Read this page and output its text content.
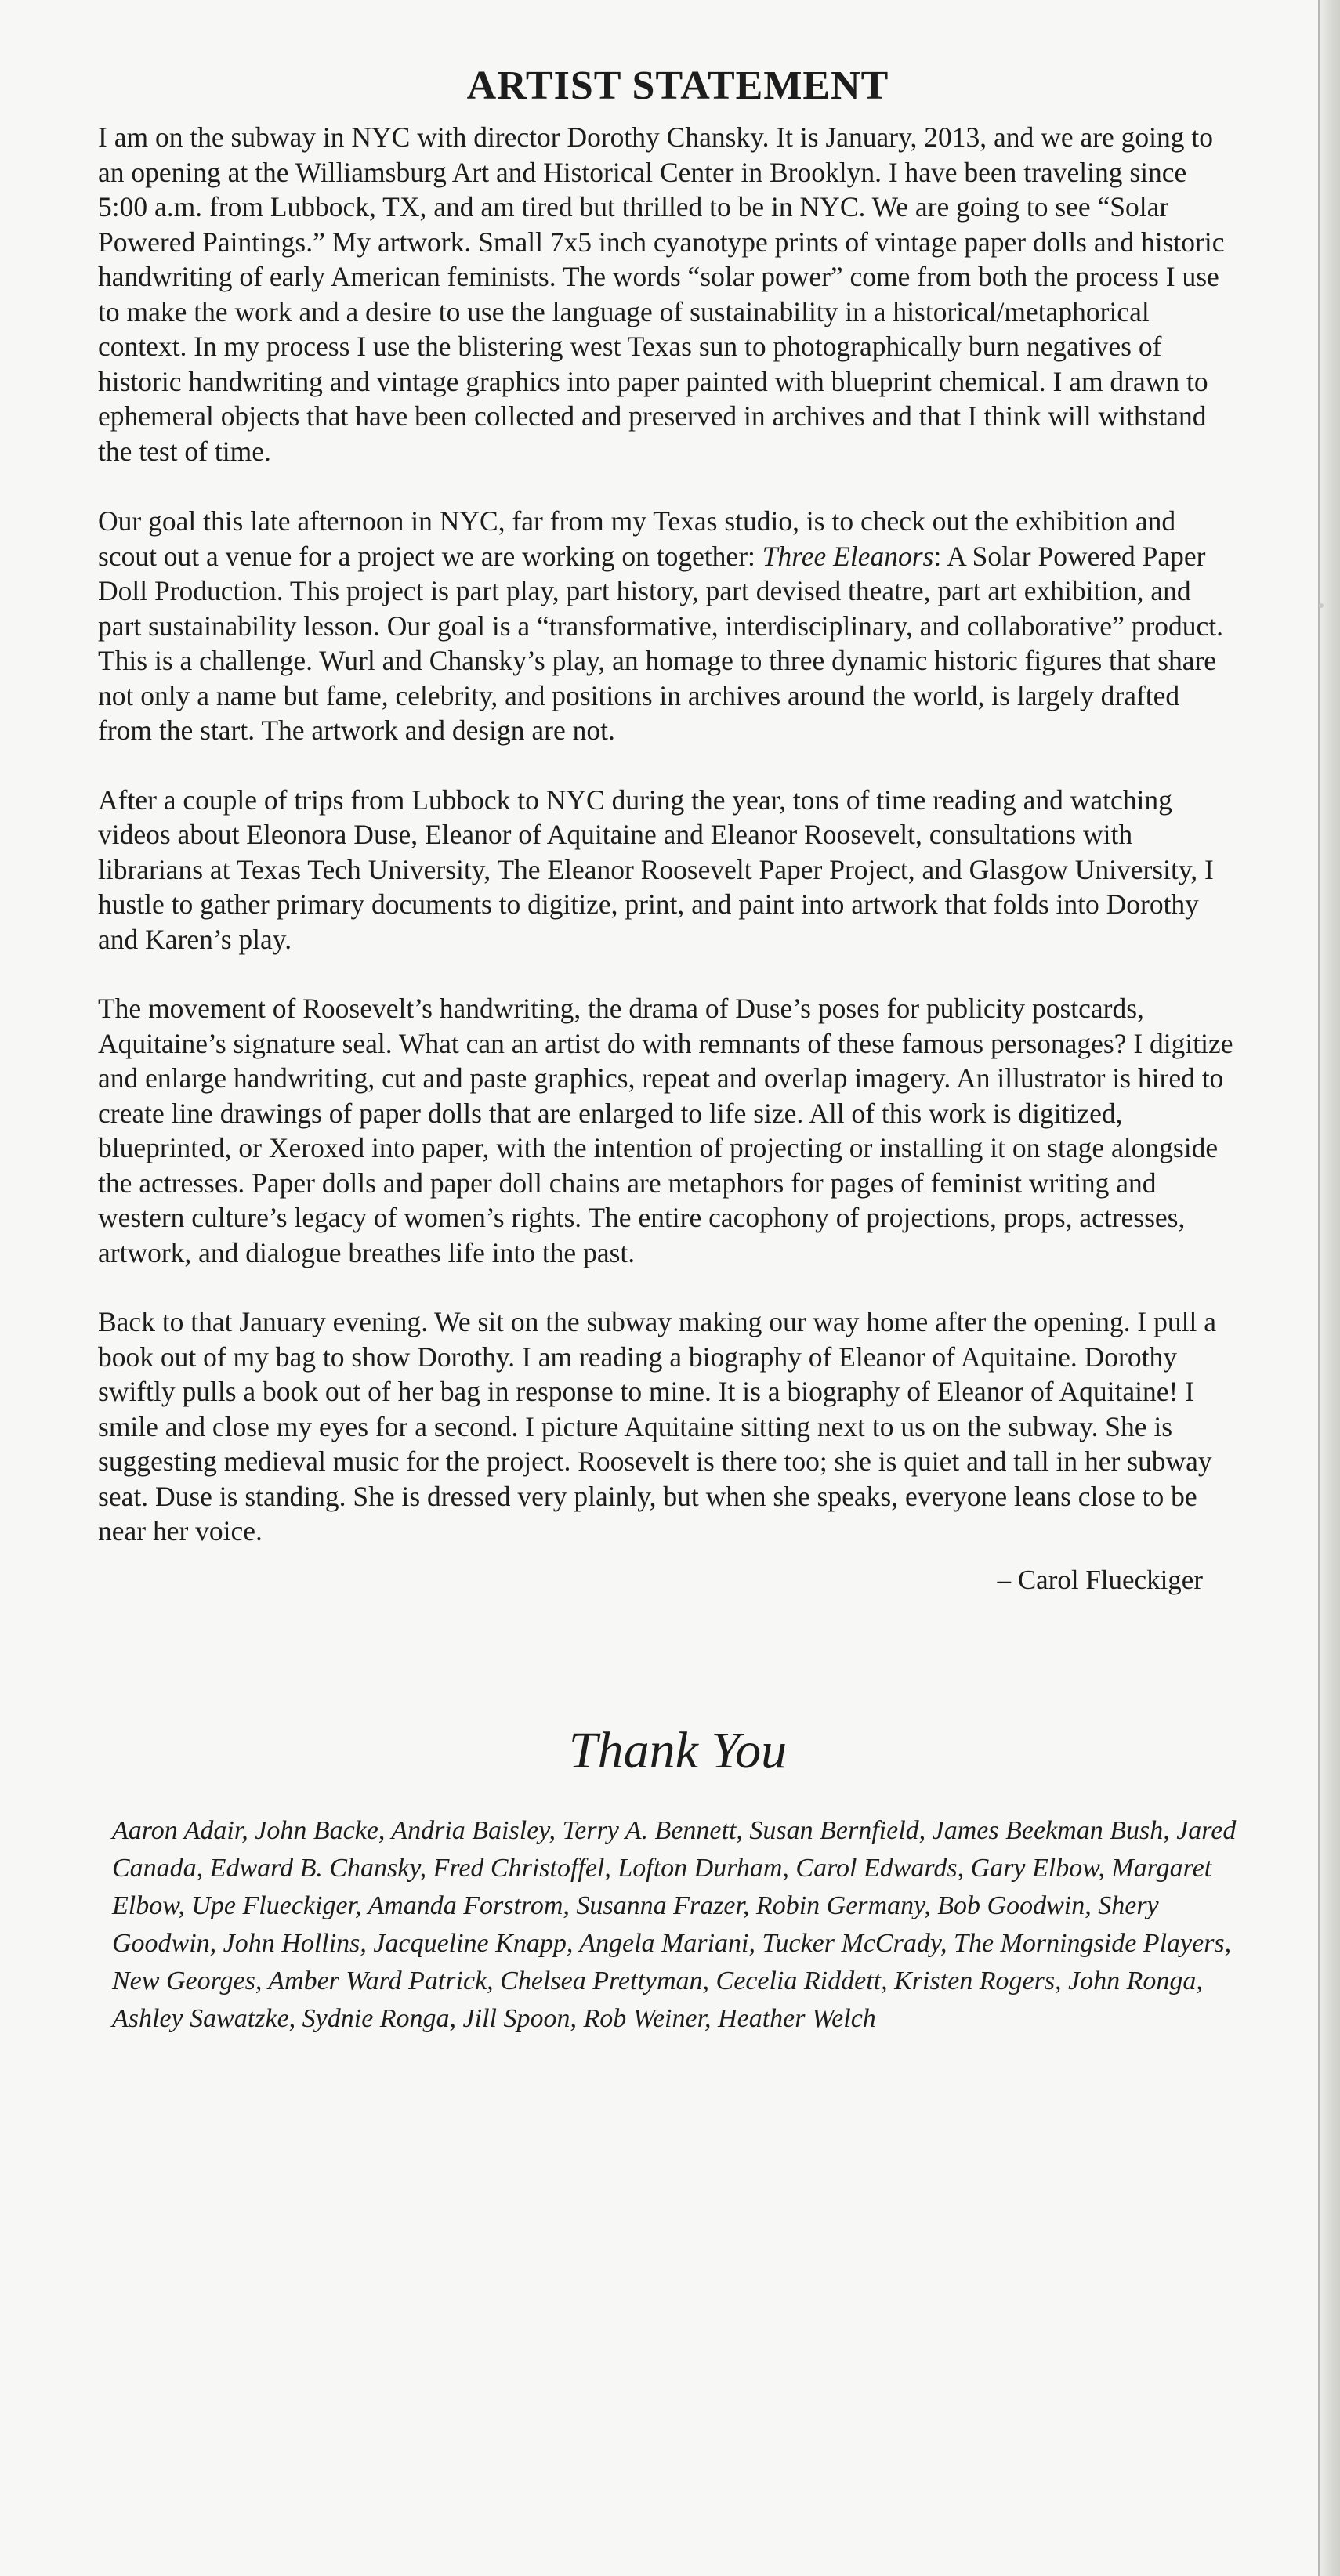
ARTIST STATEMENT

I am on the subway in NYC with director Dorothy Chansky. It is January, 2013, and we are going to an opening at the Williamsburg Art and Historical Center in Brooklyn. I have been traveling since 5:00 a.m. from Lubbock, TX, and am tired but thrilled to be in NYC. We are going to see “Solar Powered Paintings.” My artwork. Small 7x5 inch cyanotype prints of vintage paper dolls and historic handwriting of early American feminists. The words “solar power” come from both the process I use to make the work and a desire to use the language of sustainability in a historical/metaphorical context. In my process I use the blistering west Texas sun to photographically burn negatives of historic handwriting and vintage graphics into paper painted with blueprint chemical. I am drawn to ephemeral objects that have been collected and preserved in archives and that I think will withstand the test of time.

Our goal this late afternoon in NYC, far from my Texas studio, is to check out the exhibition and scout out a venue for a project we are working on together: Three Eleanors: A Solar Powered Paper Doll Production. This project is part play, part history, part devised theatre, part art exhibition, and part sustainability lesson. Our goal is a “transformative, interdisciplinary, and collaborative” product. This is a challenge. Wurl and Chansky’s play, an homage to three dynamic historic figures that share not only a name but fame, celebrity, and positions in archives around the world, is largely drafted from the start. The artwork and design are not.

After a couple of trips from Lubbock to NYC during the year, tons of time reading and watching videos about Eleonora Duse, Eleanor of Aquitaine and Eleanor Roosevelt, consultations with librarians at Texas Tech University, The Eleanor Roosevelt Paper Project, and Glasgow University, I hustle to gather primary documents to digitize, print, and paint into artwork that folds into Dorothy and Karen’s play.

The movement of Roosevelt’s handwriting, the drama of Duse’s poses for publicity postcards, Aquitaine’s signature seal. What can an artist do with remnants of these famous personages? I digitize and enlarge handwriting, cut and paste graphics, repeat and overlap imagery. An illustrator is hired to create line drawings of paper dolls that are enlarged to life size. All of this work is digitized, blueprinted, or Xeroxed into paper, with the intention of projecting or installing it on stage alongside the actresses. Paper dolls and paper doll chains are metaphors for pages of feminist writing and western culture’s legacy of women’s rights. The entire cacophony of projections, props, actresses, artwork, and dialogue breathes life into the past.

Back to that January evening. We sit on the subway making our way home after the opening. I pull a book out of my bag to show Dorothy. I am reading a biography of Eleanor of Aquitaine. Dorothy swiftly pulls a book out of her bag in response to mine. It is a biography of Eleanor of Aquitaine! I smile and close my eyes for a second. I picture Aquitaine sitting next to us on the subway. She is suggesting medieval music for the project. Roosevelt is there too; she is quiet and tall in her subway seat. Duse is standing. She is dressed very plainly, but when she speaks, everyone leans close to be near her voice.

– Carol Flueckiger
Thank You
Aaron Adair, John Backe, Andria Baisley, Terry A. Bennett, Susan Bernfield, James Beekman Bush, Jared Canada, Edward B. Chansky, Fred Christoffel, Lofton Durham, Carol Edwards, Gary Elbow, Margaret Elbow, Upe Flueckiger, Amanda Forstrom, Susanna Frazer, Robin Germany, Bob Goodwin, Shery Goodwin, John Hollins, Jacqueline Knapp, Angela Mariani, Tucker McCrady, The Morningside Players, New Georges, Amber Ward Patrick, Chelsea Prettyman, Cecelia Riddett, Kristen Rogers, John Ronga, Ashley Sawatzke, Sydnie Ronga, Jill Spoon, Rob Weiner, Heather Welch
